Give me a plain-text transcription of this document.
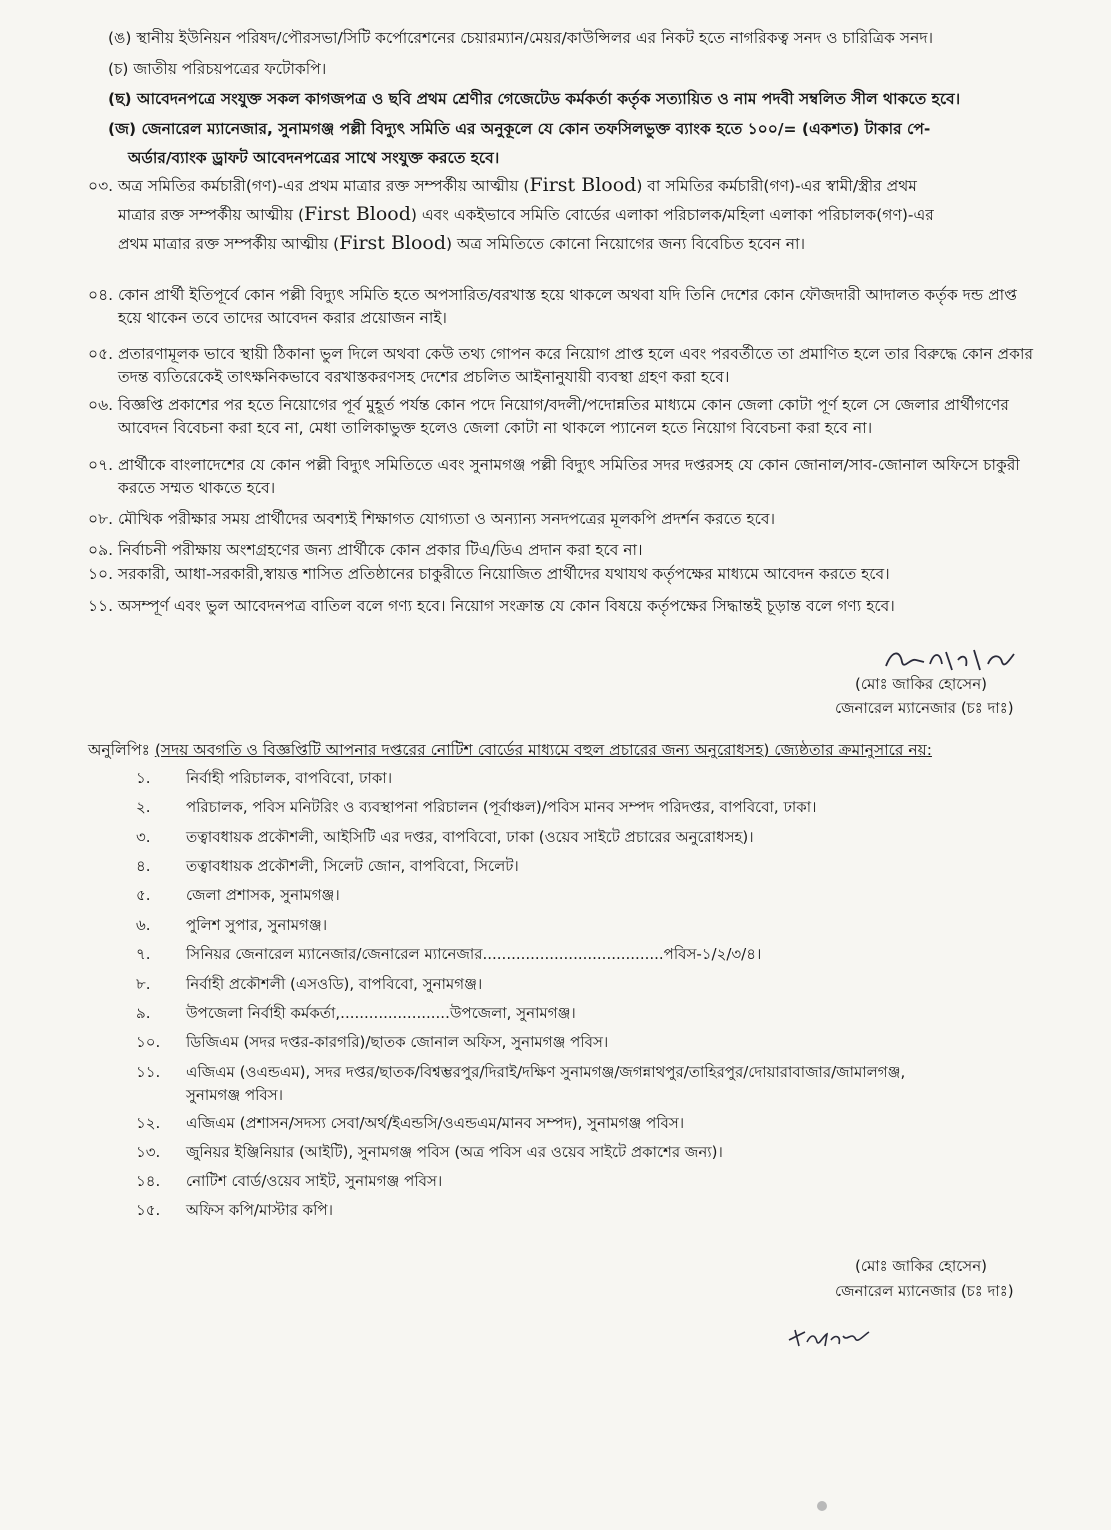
(ঙ) স্থানীয় ইউনিয়ন পরিষদ/পৌরসভা/সিটি কর্পোরেশনের চেয়ারম্যান/মেয়র/কাউন্সিলর এর নিকট হতে নাগরিকত্ব সনদ ও চারিত্রিক সনদ।
(চ) জাতীয় পরিচয়পত্রের ফটোকপি।
(ছ) আবেদনপত্রে সংযুক্ত সকল কাগজপত্র ও ছবি প্রথম শ্রেণীর গেজেটেড কর্মকর্তা কর্তৃক সত্যায়িত ও নাম পদবী সম্বলিত সীল থাকতে হবে।
(জ) জেনারেল ম্যানেজার, সুনামগঞ্জ পল্লী বিদ্যুৎ সমিতি এর অনুকূলে যে কোন তফসিলভুক্ত ব্যাংক হতে ১০০/= (একশত) টাকার পে-
অর্ডার/ব্যাংক ড্রাফট আবেদনপত্রের সাথে সংযুক্ত করতে হবে।
০৩. অত্র সমিতির কর্মচারী(গণ)-এর প্রথম মাত্রার রক্ত সম্পর্কীয় আত্মীয় (First Blood) বা সমিতির কর্মচারী(গণ)-এর স্বামী/স্ত্রীর প্রথম
মাত্রার রক্ত সম্পর্কীয় আত্মীয় (First Blood) এবং একইভাবে সমিতি বোর্ডের এলাকা পরিচালক/মহিলা এলাকা পরিচালক(গণ)-এর
প্রথম মাত্রার রক্ত সম্পর্কীয় আত্মীয় (First Blood) অত্র সমিতিতে কোনো নিয়োগের জন্য বিবেচিত হবেন না।
০৪. কোন প্রার্থী ইতিপূর্বে কোন পল্লী বিদ্যুৎ সমিতি হতে অপসারিত/বরখাস্ত হয়ে থাকলে অথবা যদি তিনি দেশের কোন ফৌজদারী আদালত কর্তৃক দন্ড প্রাপ্ত
হয়ে থাকেন তবে তাদের আবেদন করার প্রয়োজন নাই।
০৫. প্রতারণামূলক ভাবে স্থায়ী ঠিকানা ভুল দিলে অথবা কেউ তথ্য গোপন করে নিয়োগ প্রাপ্ত হলে এবং পরবর্তীতে তা প্রমাণিত হলে তার বিরুদ্ধে কোন প্রকার
তদন্ত ব্যতিরেকেই তাৎক্ষনিকভাবে বরখাস্তকরণসহ দেশের প্রচলিত আইনানুযায়ী ব্যবস্থা গ্রহণ করা হবে।
০৬. বিজ্ঞপ্তি প্রকাশের পর হতে নিয়োগের পূর্ব মুহূর্ত পর্যন্ত কোন পদে নিয়োগ/বদলী/পদোন্নতির মাধ্যমে কোন জেলা কোটা পূর্ণ হলে সে জেলার প্রার্থীগণের
আবেদন বিবেচনা করা হবে না, মেধা তালিকাভুক্ত হলেও জেলা কোটা না থাকলে প্যানেল হতে নিয়োগ বিবেচনা করা হবে না।
০৭. প্রার্থীকে বাংলাদেশের যে কোন পল্লী বিদ্যুৎ সমিতিতে এবং সুনামগঞ্জ পল্লী বিদ্যুৎ সমিতির সদর দপ্তরসহ যে কোন জোনাল/সাব-জোনাল অফিসে চাকুরী
করতে সম্মত থাকতে হবে।
০৮. মৌখিক পরীক্ষার সময় প্রার্থীদের অবশ্যই শিক্ষাগত যোগ্যতা ও অন্যান্য সনদপত্রের মূলকপি প্রদর্শন করতে হবে।
০৯. নির্বাচনী পরীক্ষায় অংশগ্রহণের জন্য প্রার্থীকে কোন প্রকার টিএ/ডিএ প্রদান করা হবে না।
১০. সরকারী, আধা-সরকারী,স্বায়ত্ত শাসিত প্রতিষ্ঠানের চাকুরীতে নিয়োজিত প্রার্থীদের যথাযথ কর্তৃপক্ষের মাধ্যমে আবেদন করতে হবে।
১১. অসম্পূর্ণ এবং ভুল আবেদনপত্র বাতিল বলে গণ্য হবে। নিয়োগ সংক্রান্ত যে কোন বিষয়ে কর্তৃপক্ষের সিদ্ধান্তই চূড়ান্ত বলে গণ্য হবে।
(মোঃ জাকির হোসেন)
জেনারেল ম্যানেজার (চঃ দাঃ)
অনুলিপিঃ (সদয় অবগতি ও বিজ্ঞপ্তিটি আপনার দপ্তরের নোটিশ বোর্ডের মাধ্যমে বহুল প্রচারের জন্য অনুরোধসহ) জ্যেষ্ঠতার ক্রমানুসারে নয়:
১. নির্বাহী পরিচালক, বাপবিবো, ঢাকা।
২. পরিচালক, পবিস মনিটরিং ও ব্যবস্থাপনা পরিচালন (পূর্বাঞ্চল)/পবিস মানব সম্পদ পরিদপ্তর, বাপবিবো, ঢাকা।
৩. তত্বাবধায়ক প্রকৌশলী, আইসিটি এর দপ্তর, বাপবিবো, ঢাকা (ওয়েব সাইটে প্রচারের অনুরোধসহ)।
৪. তত্বাবধায়ক প্রকৌশলী, সিলেট জোন, বাপবিবো, সিলেট।
৫. জেলা প্রশাসক, সুনামগঞ্জ।
৬. পুলিশ সুপার, সুনামগঞ্জ।
৭. সিনিয়র জেনারেল ম্যানেজার/জেনারেল ম্যানেজার......................................পবিস-১/২/৩/৪।
৮. নির্বাহী প্রকৌশলী (এসওডি), বাপবিবো, সুনামগঞ্জ।
৯. উপজেলা নির্বাহী কর্মকর্তা,.......................উপজেলা, সুনামগঞ্জ।
১০. ডিজিএম (সদর দপ্তর-কারগরি)/ছাতক জোনাল অফিস, সুনামগঞ্জ পবিস।
১১. এজিএম (ওএন্ডএম), সদর দপ্তর/ছাতক/বিশ্বম্ভরপুর/দিরাই/দক্ষিণ সুনামগঞ্জ/জগন্নাথপুর/তাহিরপুর/দোয়ারাবাজার/জামালগঞ্জ,
সুনামগঞ্জ পবিস।
১২. এজিএম (প্রশাসন/সদস্য সেবা/অর্থ/ইএন্ডসি/ওএন্ডএম/মানব সম্পদ), সুনামগঞ্জ পবিস।
১৩. জুনিয়র ইঞ্জিনিয়ার (আইটি), সুনামগঞ্জ পবিস (অত্র পবিস এর ওয়েব সাইটে প্রকাশের জন্য)।
১৪. নোটিশ বোর্ড/ওয়েব সাইট, সুনামগঞ্জ পবিস।
১৫. অফিস কপি/মাস্টার কপি।
(মোঃ জাকির হোসেন)
জেনারেল ম্যানেজার (চঃ দাঃ)
